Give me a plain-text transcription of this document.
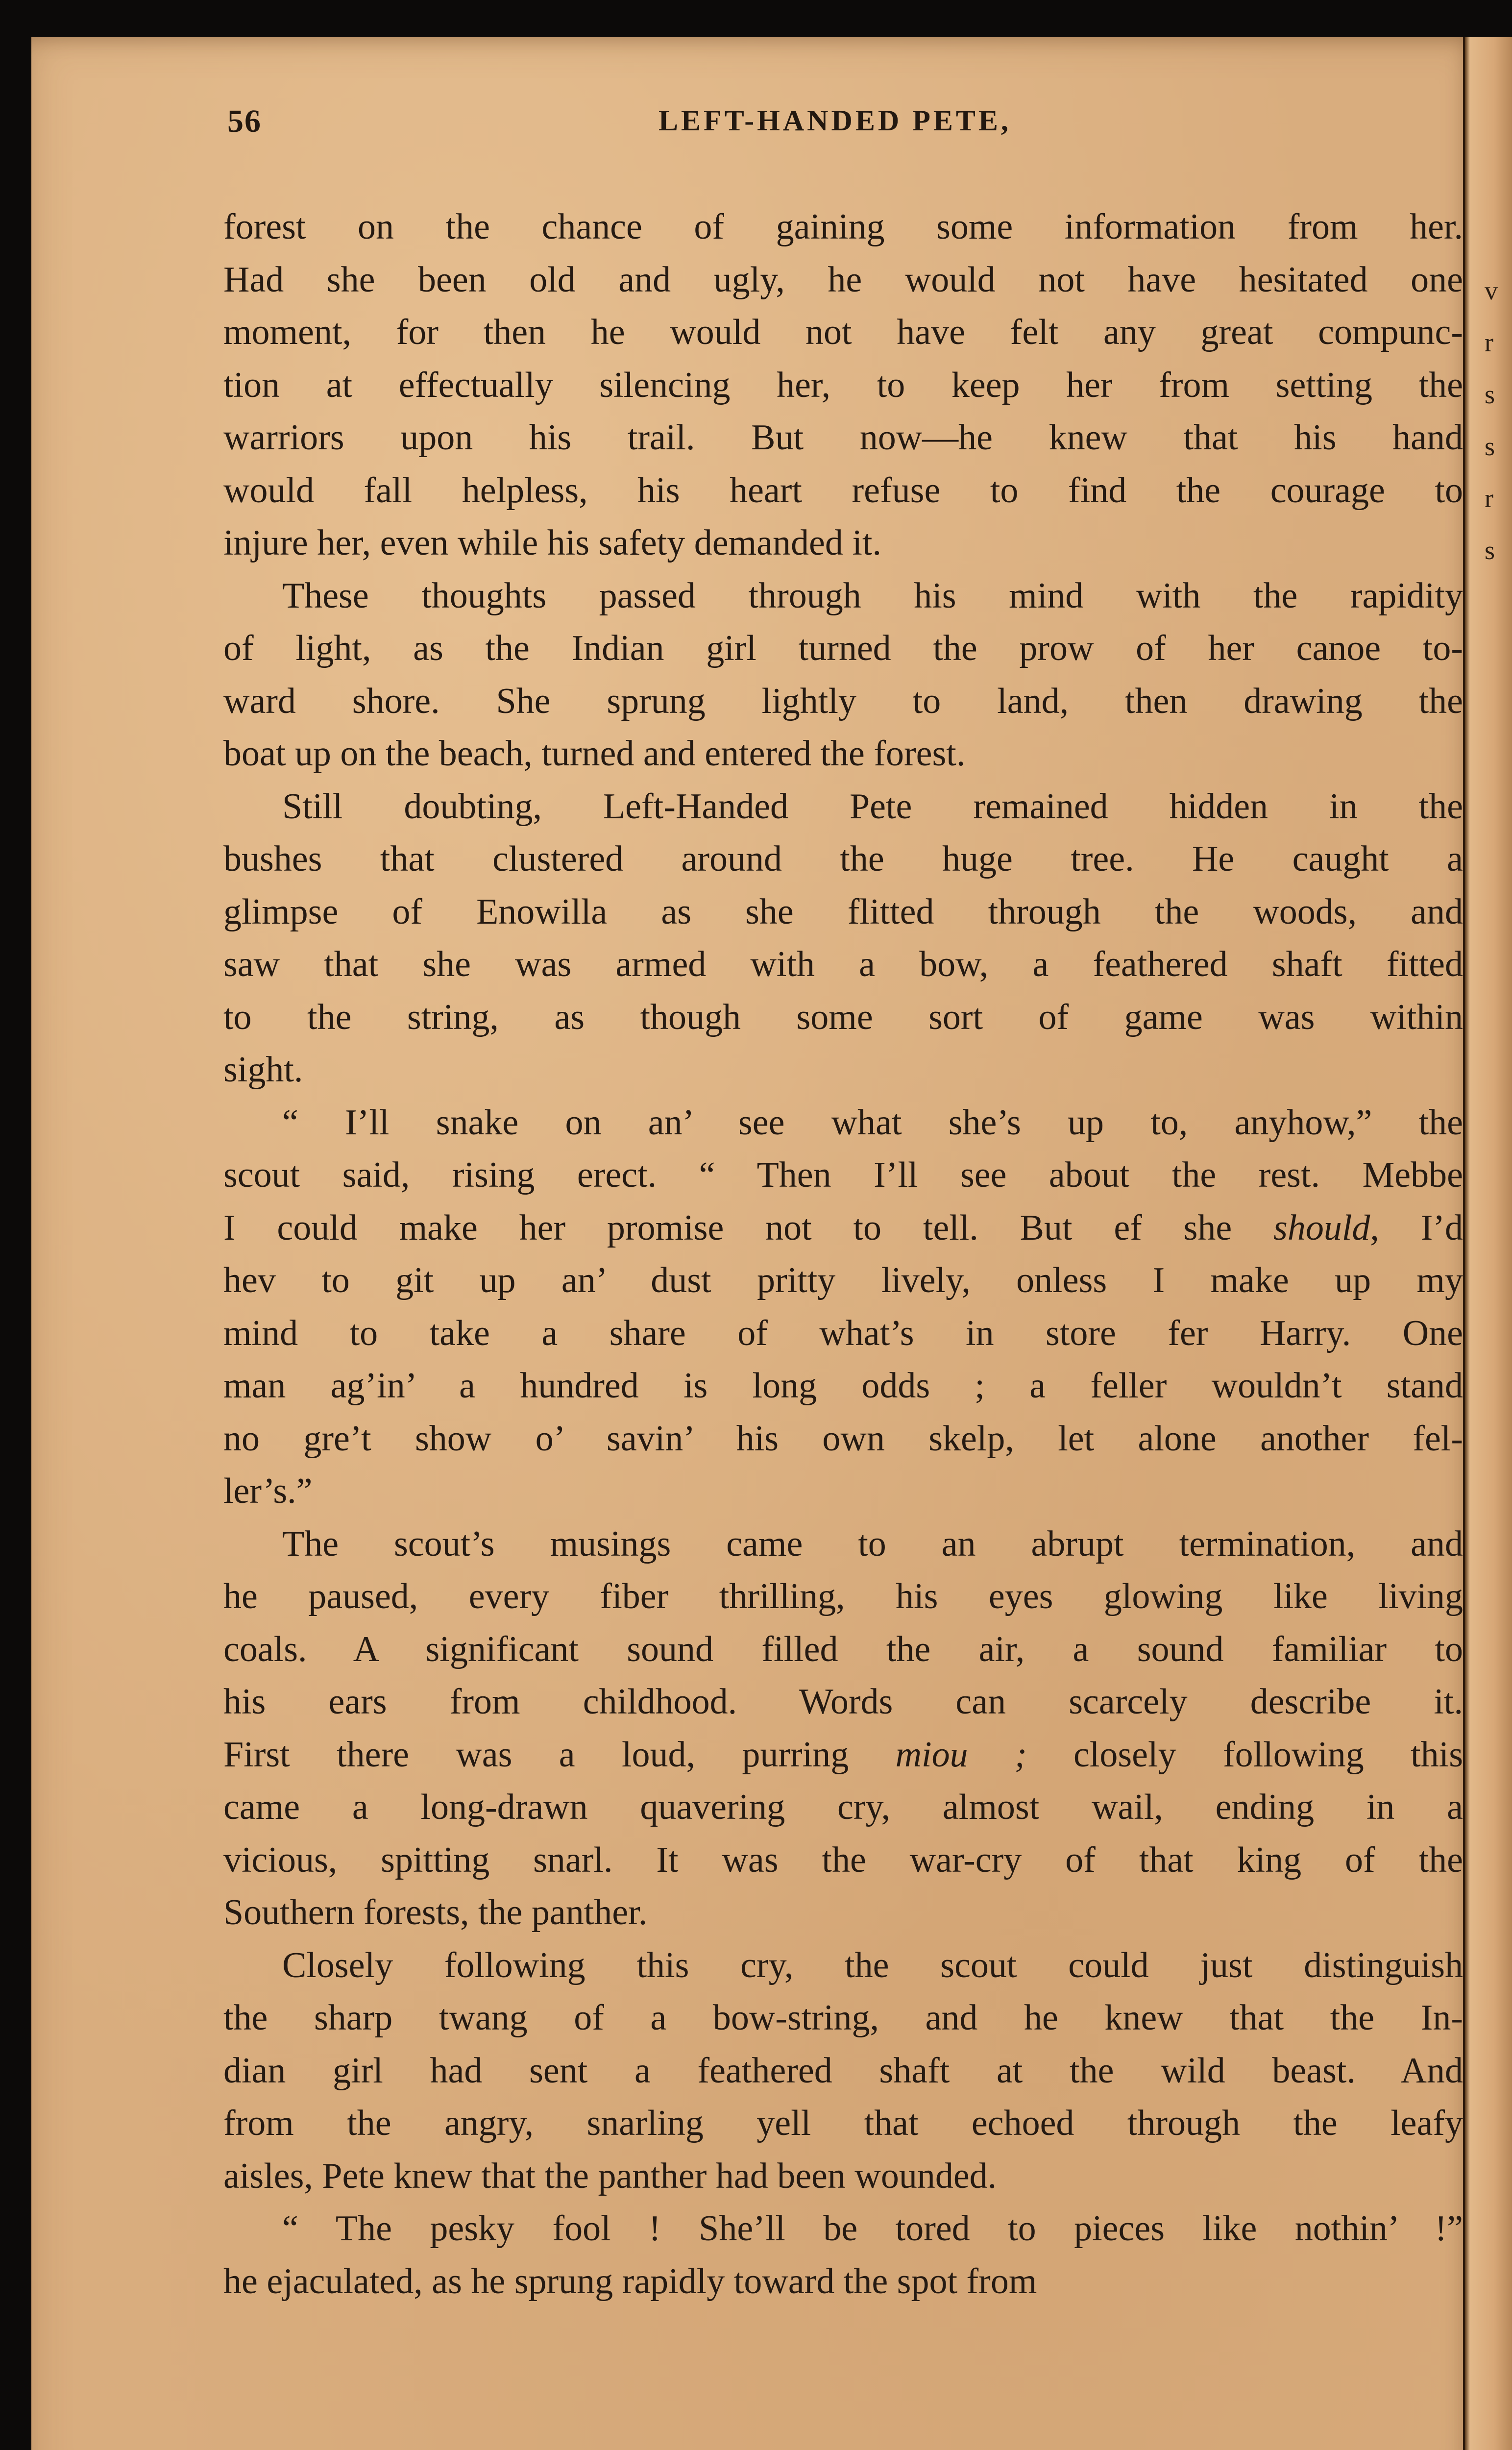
v
r
s
s
r
s
56	LEFT-HANDED PETE,
forest on the chance of gaining some information from her.
Had she been old and ugly, he would not have hesitated one
moment, for then he would not have felt any great compunc-
tion at effectually silencing her, to keep her from setting the
warriors upon his trail. But now—he knew that his hand
would fall helpless, his heart refuse to find the courage to
injure her, even while his safety demanded it.
These thoughts passed through his mind with the rapidity
of light, as the Indian girl turned the prow of her canoe to-
ward shore. She sprung lightly to land, then drawing the
boat up on the beach, turned and entered the forest.
Still doubting, Left-Handed Pete remained hidden in the
bushes that clustered around the huge tree. He caught a
glimpse of Enowilla as she flitted through the woods, and
saw that she was armed with a bow, a feathered shaft fitted
to the string, as though some sort of game was within
sight.
“ I’ll snake on an’ see what she’s up to, anyhow,” the
scout said, rising erect. “ Then I’ll see about the rest. Mebbe
I could make her promise not to tell. But ef she should, I’d
hev to git up an’ dust pritty lively, onless I make up my
mind to take a share of what’s in store fer Harry. One
man ag’in’ a hundred is long odds ; a feller wouldn’t stand
no gre’t show o’ savin’ his own skelp, let alone another fel-
ler’s.”
The scout’s musings came to an abrupt termination, and
he paused, every fiber thrilling, his eyes glowing like living
coals. A significant sound filled the air, a sound familiar to
his ears from childhood. Words can scarcely describe it.
First there was a loud, purring miou ; closely following this
came a long-drawn quavering cry, almost wail, ending in a
vicious, spitting snarl. It was the war-cry of that king of the
Southern forests, the panther.
Closely following this cry, the scout could just distinguish
the sharp twang of a bow-string, and he knew that the In-
dian girl had sent a feathered shaft at the wild beast. And
from the angry, snarling yell that echoed through the leafy
aisles, Pete knew that the panther had been wounded.
“ The pesky fool ! She’ll be tored to pieces like nothin’ !”
he ejaculated, as he sprung rapidly toward the spot from
